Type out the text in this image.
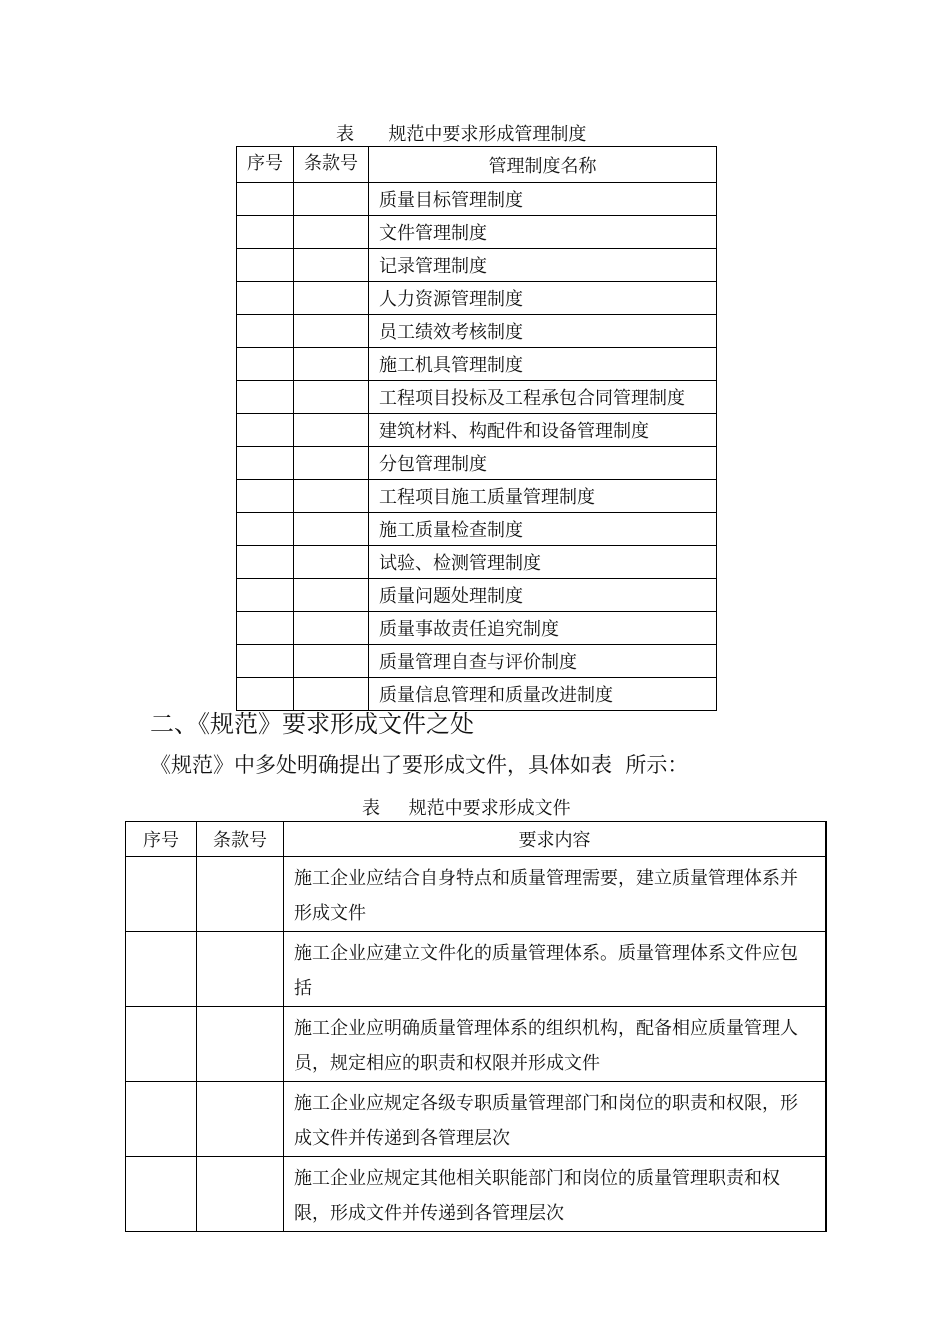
表      规范中要求形成管理制度
序号	条款号	管理制度名称
		质量目标管理制度
		文件管理制度
		记录管理制度
		人力资源管理制度
		员工绩效考核制度
		施工机具管理制度
		工程项目投标及工程承包合同管理制度
		建筑材料、构配件和设备管理制度
		分包管理制度
		工程项目施工质量管理制度
		施工质量检查制度
		试验、检测管理制度
		质量问题处理制度
		质量事故责任追究制度
		质量管理自查与评价制度
		质量信息管理和质量改进制度
二、《规范》要求形成文件之处
《规范》中多处明确提出了要形成文件，具体如表  所示：
表     规范中要求形成文件
序号	条款号	要求内容
		施工企业应结合自身特点和质量管理需要，建立质量管理体系并形成文件
		施工企业应建立文件化的质量管理体系。质量管理体系文件应包括
		施工企业应明确质量管理体系的组织机构，配备相应质量管理人员，规定相应的职责和权限并形成文件
		施工企业应规定各级专职质量管理部门和岗位的职责和权限，形成文件并传递到各管理层次
		施工企业应规定其他相关职能部门和岗位的质量管理职责和权限，形成文件并传递到各管理层次
